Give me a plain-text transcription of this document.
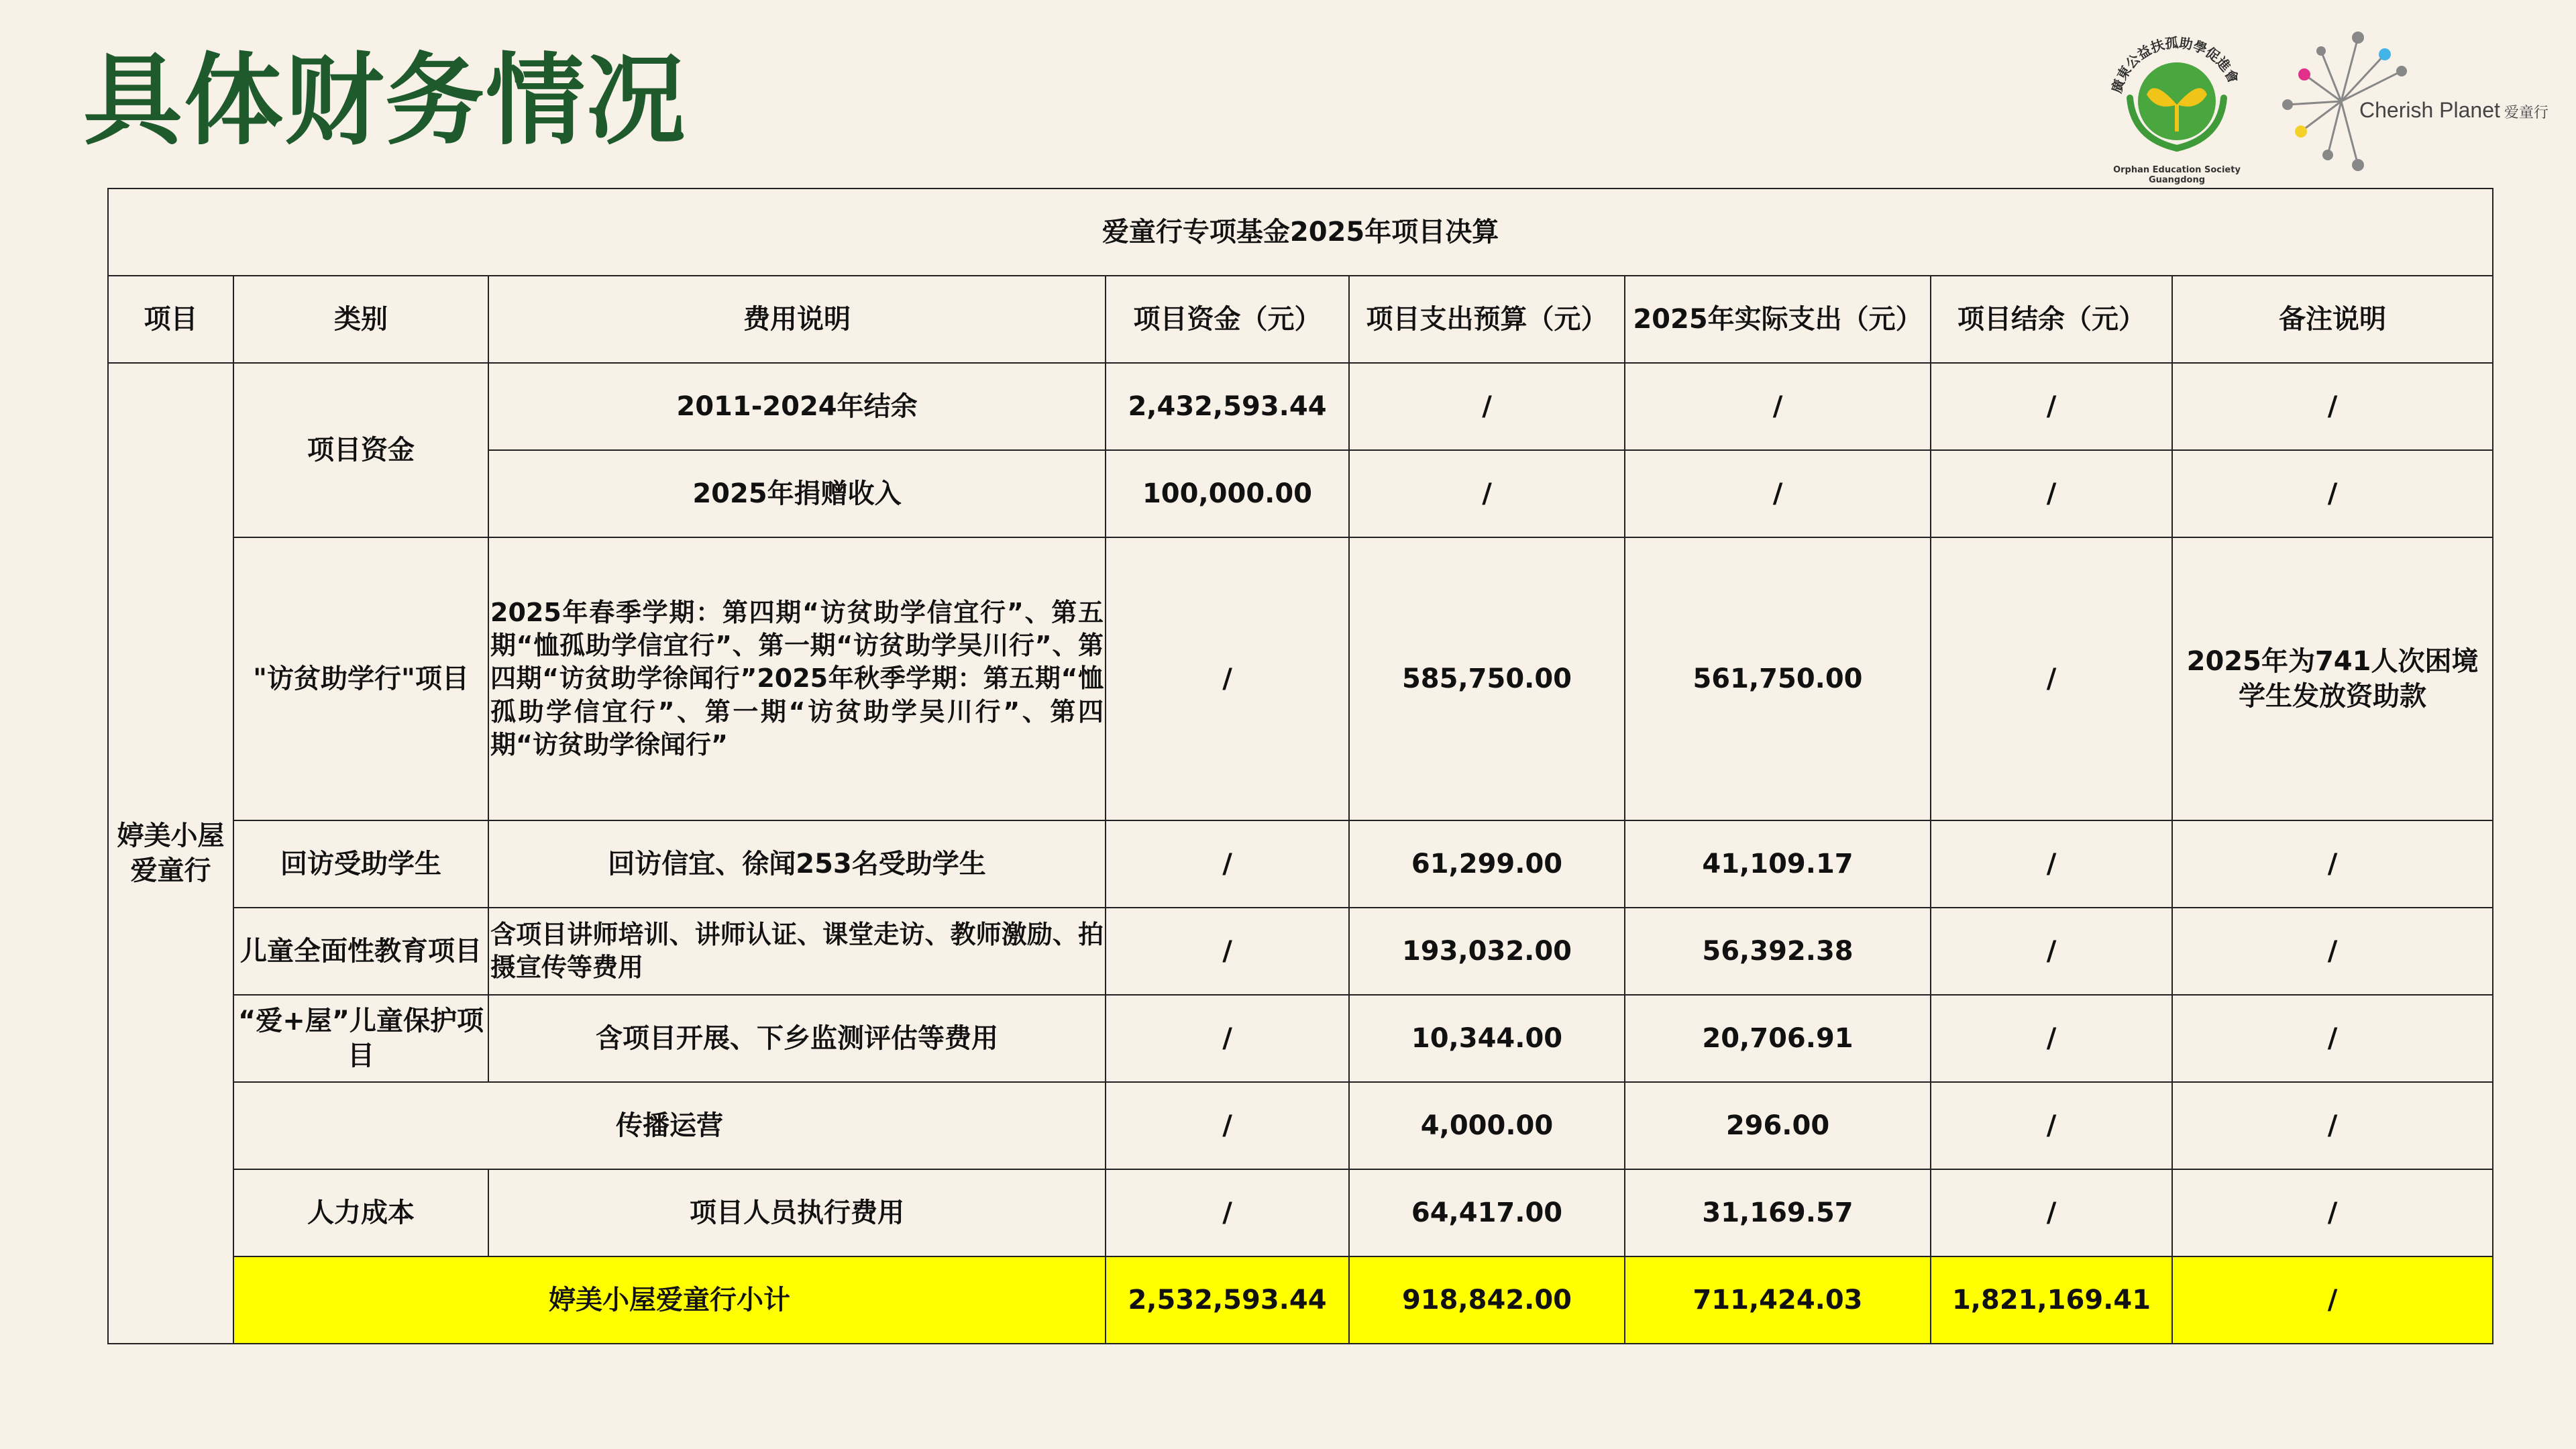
具体财务情况	廣東公益扶孤助學促進會
Orphan Education Society Guangdong
Cherish Planet 爱童行
爱童行专项基金2025年项目决算							
项目	类别	费用说明	项目资金（元）	项目支出预算（元）	2025年实际支出（元）	项目结余（元）	备注说明
婷美小屋爱童行	项目资金	2011-2024年结余	2,432,593.44	/	/	/	/
		2025年捐赠收入	100,000.00	/	/	/	/
	"访贫助学行"项目	2025年春季学期：第四期“访贫助学信宜行”、第五期“恤孤助学信宜行”、第一期“访贫助学吴川行”、第四期“访贫助学徐闻行”2025年秋季学期：第五期“恤孤助学信宜行”、第一期“访贫助学吴川行”、第四期“访贫助学徐闻行”	/	585,750.00	561,750.00	/	2025年为741人次困境学生发放资助款
	回访受助学生	回访信宜、徐闻253名受助学生	/	61,299.00	41,109.17	/	/
	儿童全面性教育项目	含项目讲师培训、讲师认证、课堂走访、教师激励、拍摄宣传等费用	/	193,032.00	56,392.38	/	/
	“爱+屋”儿童保护项目	含项目开展、下乡监测评估等费用	/	10,344.00	20,706.91	/	/
	传播运营		/	4,000.00	296.00	/	/
	人力成本	项目人员执行费用	/	64,417.00	31,169.57	/	/
	婷美小屋爱童行小计		2,532,593.44	918,842.00	711,424.03	1,821,169.41	/
